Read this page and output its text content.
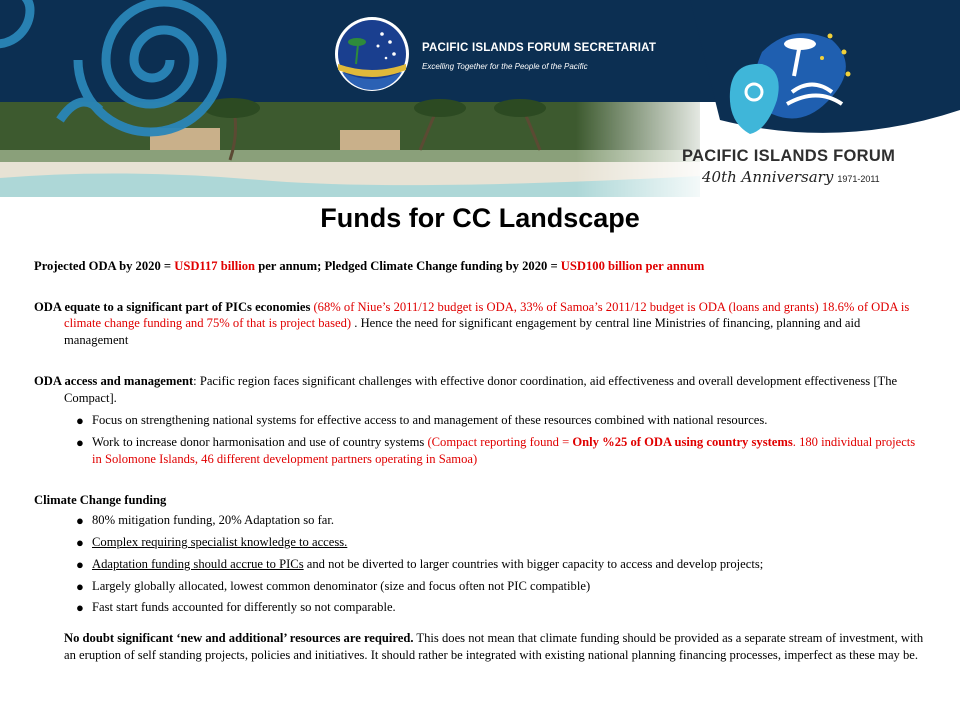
PACIFIC ISLANDS FORUM SECRETARIAT
Excelling Together for the People of the Pacific
PACIFIC ISLANDS FORUM
40th Anniversary 1971-2011
Funds for CC Landscape

Projected ODA by 2020 = USD117 billion per annum; Pledged Climate Change funding by 2020 = USD100 billion per annum

ODA equate to a significant part of PICs economies (68% of Niue’s 2011/12 budget is ODA, 33% of Samoa’s 2011/12 budget is ODA (loans and grants) 18.6% of ODA is climate change funding and 75% of that is project based) . Hence the need for significant engagement by central line Ministries of financing, planning and aid management

ODA access and management: Pacific region faces significant challenges with effective donor coordination, aid effectiveness and overall development effectiveness [The Compact].

● Focus on strengthening national systems for effective access to and management of these resources combined with national resources.
● Work to increase donor harmonisation and use of country systems (Compact reporting found = Only %25 of ODA using country systems. 180 individual projects in Solomone Islands, 46 different development partners operating in Samoa)
Climate Change funding
● 80% mitigation funding, 20% Adaptation so far.
● Complex requiring specialist knowledge to access.
● Adaptation funding should accrue to PICs and not be diverted to larger countries with bigger capacity to access and develop projects;
● Largely globally allocated, lowest common denominator (size and focus often not PIC compatible)
● Fast start funds accounted for differently so not comparable.

No doubt significant ‘new and additional’ resources are required. This does not mean that climate funding should be provided as a separate stream of investment, with an eruption of self standing projects, policies and initiatives. It should rather be integrated with existing national planning financing processes, imperfect as these may be.
